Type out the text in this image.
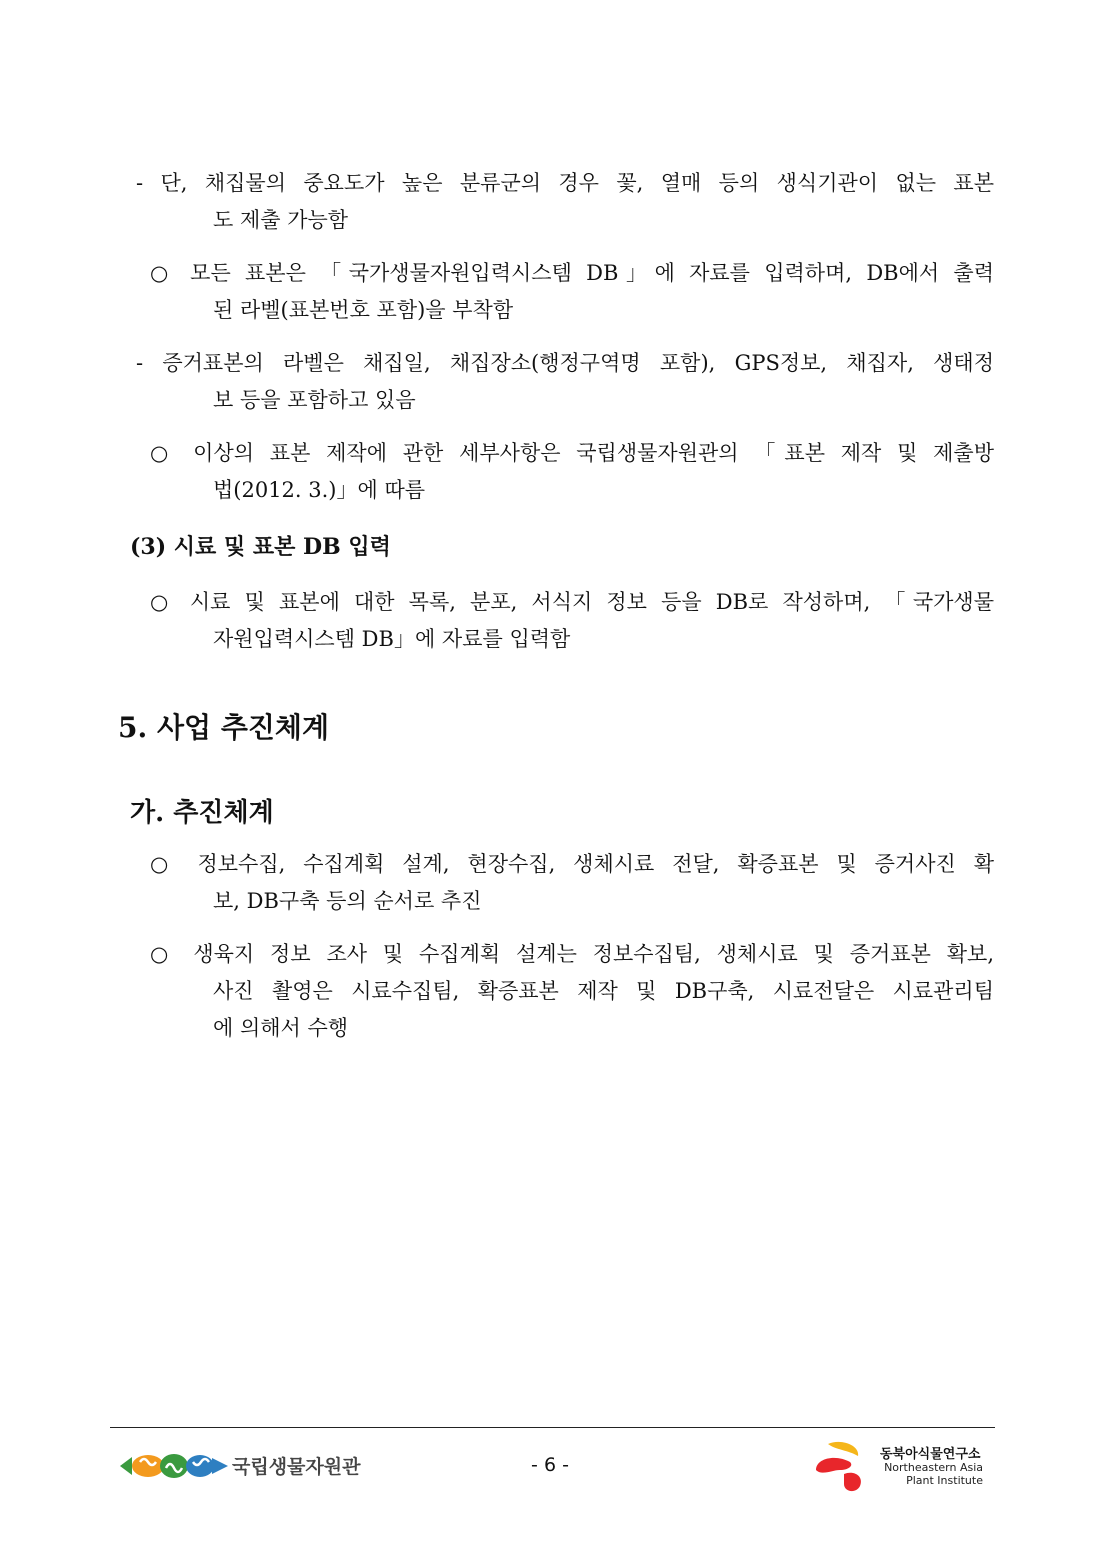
- 단, 채집물의 중요도가 높은 분류군의 경우 꽃, 열매 등의 생식기관이 없는 표본
도 제출 가능함
○ 모든 표본은 「국가생물자원입력시스템 DB」에 자료를 입력하며, DB에서 출력
된 라벨(표본번호 포함)을 부착함
- 증거표본의 라벨은 채집일, 채집장소(행정구역명 포함), GPS정보, 채집자, 생태정
보 등을 포함하고 있음
○ 이상의 표본 제작에 관한 세부사항은 국립생물자원관의 「표본 제작 및 제출방
법(2012. 3.)」에 따름
(3) 시료 및 표본 DB 입력
○ 시료 및 표본에 대한 목록, 분포, 서식지 정보 등을 DB로 작성하며, 「국가생물
자원입력시스템 DB」에 자료를 입력함
5. 사업 추진체계
가. 추진체계
○ 정보수집, 수집계획 설계, 현장수집, 생체시료 전달, 확증표본 및 증거사진 확
보, DB구축 등의 순서로 추진
○ 생육지 정보 조사 및 수집계획 설계는 정보수집팀, 생체시료 및 증거표본 확보,
사진 촬영은 시료수집팀, 확증표본 제작 및 DB구축, 시료전달은 시료관리팀
에 의해서 수행
국립생물자원관	- 6 -	동북아식물연구소
Northeastern Asia
Plant Institute
